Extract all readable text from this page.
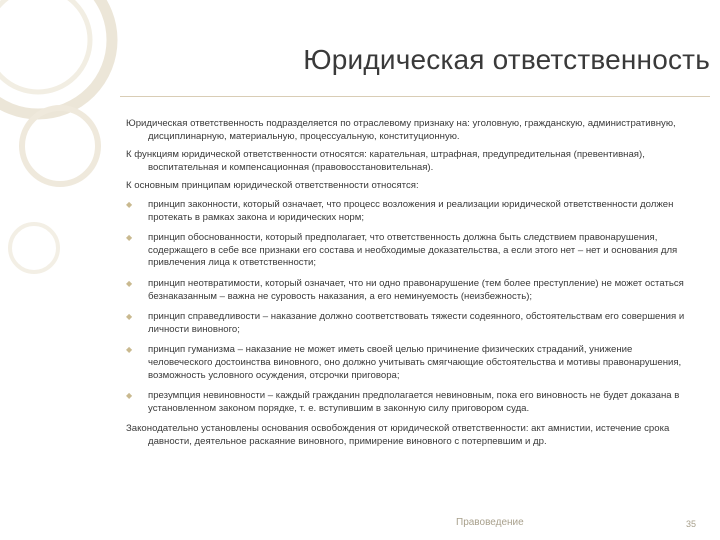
Юридическая ответственность

Юридическая ответственность подразделяется по отраслевому признаку на: уголовную, гражданскую, административную, дисциплинарную, материальную, процессуальную, конституционную.

К функциям юридической ответственности относятся: карательная, штрафная, предупредительная (превентивная), воспитательная и компенсационная (правовосстановительная).

К основным принципам юридической ответственности относятся:

◆ принцип законности, который означает, что процесс возложения и реализации юридической ответственности должен протекать в рамках закона и юридических норм;
◆ принцип обоснованности, который предполагает, что ответственность должна быть следствием правонарушения, содержащего в себе все признаки его состава и необходимые доказательства, а если этого нет – нет и основания для привлечения лица к ответственности;
◆ принцип неотвратимости, который означает, что ни одно правонарушение (тем более преступление) не может остаться безнаказанным – важна не суровость наказания, а его неминуемость (неизбежность);
◆ принцип справедливости – наказание должно соответствовать тяжести содеянного, обстоятельствам его совершения и личности виновного;
◆ принцип гуманизма – наказание не может иметь своей целью причинение физических страданий, унижение человеческого достоинства виновного, оно должно учитывать смягчающие обстоятельства и мотивы правонарушения, возможность условного осуждения, отсрочки приговора;
◆ презумпция невиновности – каждый гражданин предполагается невиновным, пока его виновность не будет доказана в установленном законом порядке, т. е. вступившим в законную силу приговором суда.

Законодательно установлены основания освобождения от юридической ответственности: акт амнистии, истечение срока давности, деятельное раскаяние виновного, примирение виновного с потерпевшим и др.

Правоведение	35
